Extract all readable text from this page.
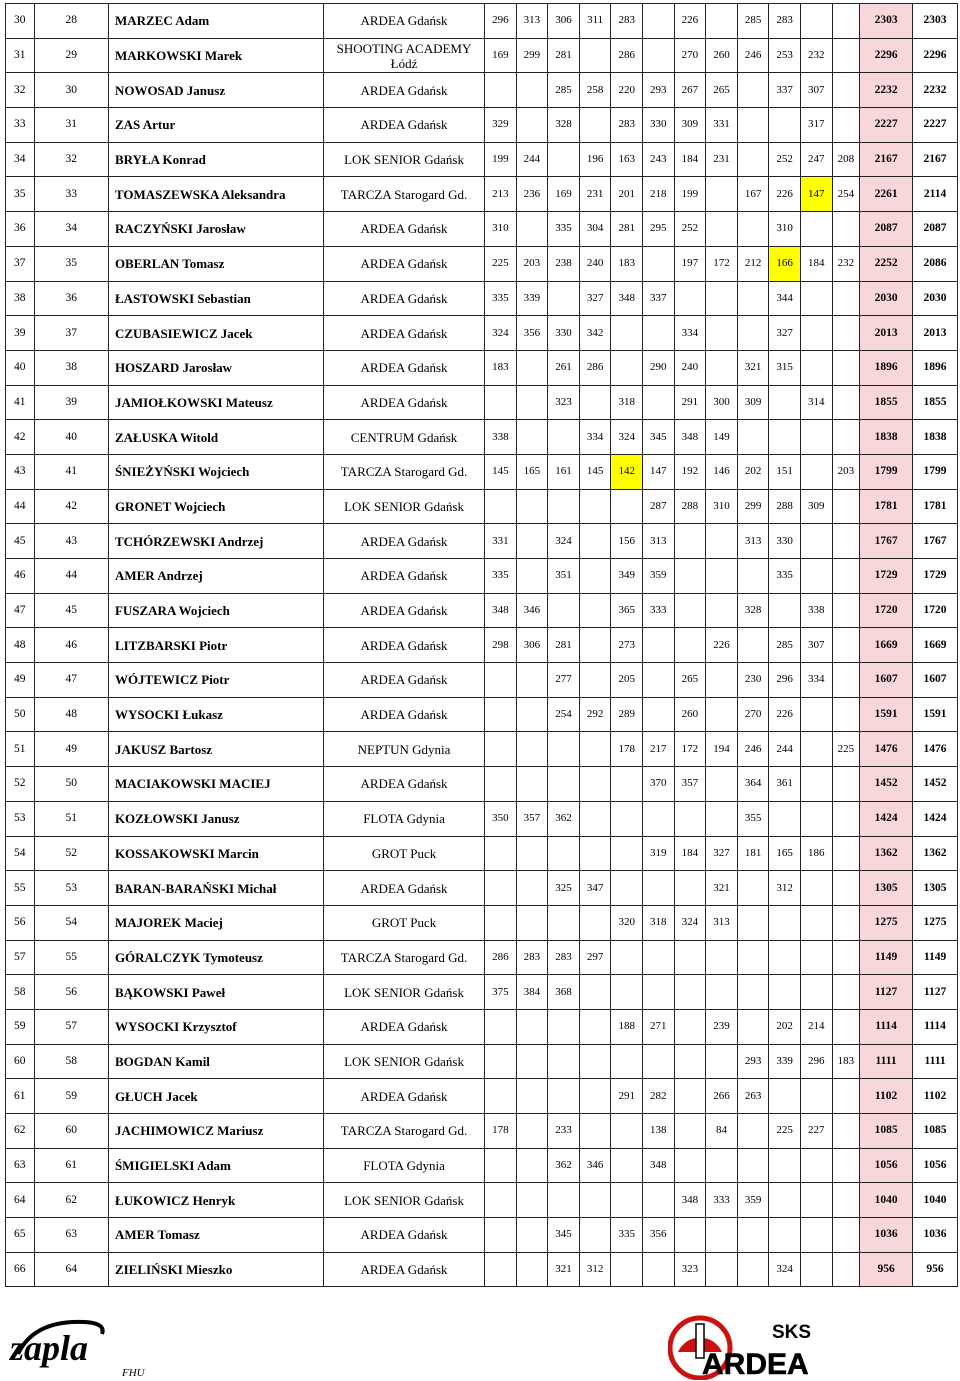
30	28	MARZEC Adam	ARDEA Gdańsk	296	313	306	311	283		226		285	283			2303	2303
31	29	MARKOWSKI Marek	SHOOTING ACADEMY Łódź	169	299	281		286		270	260	246	253	232		2296	2296
32	30	NOWOSAD Janusz	ARDEA Gdańsk			285	258	220	293	267	265		337	307		2232	2232
33	31	ZAS Artur	ARDEA Gdańsk	329		328		283	330	309	331			317		2227	2227
34	32	BRYŁA Konrad	LOK SENIOR Gdańsk	199	244		196	163	243	184	231		252	247	208	2167	2167
35	33	TOMASZEWSKA Aleksandra	TARCZA Starogard Gd.	213	236	169	231	201	218	199		167	226	147	254	2261	2114
36	34	RACZYŃSKI Jarosław	ARDEA Gdańsk	310		335	304	281	295	252			310			2087	2087
37	35	OBERLAN Tomasz	ARDEA Gdańsk	225	203	238	240	183		197	172	212	166	184	232	2252	2086
38	36	ŁASTOWSKI Sebastian	ARDEA Gdańsk	335	339		327	348	337				344			2030	2030
39	37	CZUBASIEWICZ Jacek	ARDEA Gdańsk	324	356	330	342			334			327			2013	2013
40	38	HOSZARD Jarosław	ARDEA Gdańsk	183		261	286		290	240		321	315			1896	1896
41	39	JAMIOŁKOWSKI Mateusz	ARDEA Gdańsk			323		318		291	300	309		314		1855	1855
42	40	ZAŁUSKA Witold	CENTRUM Gdańsk	338			334	324	345	348	149					1838	1838
43	41	ŚNIEŻYŃSKI Wojciech	TARCZA Starogard Gd.	145	165	161	145	142	147	192	146	202	151		203	1799	1799
44	42	GRONET Wojciech	LOK SENIOR Gdańsk						287	288	310	299	288	309		1781	1781
45	43	TCHÓRZEWSKI Andrzej	ARDEA Gdańsk	331		324		156	313			313	330			1767	1767
46	44	AMER Andrzej	ARDEA Gdańsk	335		351		349	359				335			1729	1729
47	45	FUSZARA Wojciech	ARDEA Gdańsk	348	346			365	333			328		338		1720	1720
48	46	LITZBARSKI Piotr	ARDEA Gdańsk	298	306	281		273			226		285	307		1669	1669
49	47	WÓJTEWICZ Piotr	ARDEA Gdańsk			277		205		265		230	296	334		1607	1607
50	48	WYSOCKI Łukasz	ARDEA Gdańsk			254	292	289		260		270	226			1591	1591
51	49	JAKUSZ Bartosz	NEPTUN Gdynia					178	217	172	194	246	244		225	1476	1476
52	50	MACIAKOWSKI MACIEJ	ARDEA Gdańsk						370	357		364	361			1452	1452
53	51	KOZŁOWSKI Janusz	FLOTA Gdynia	350	357	362						355				1424	1424
54	52	KOSSAKOWSKI Marcin	GROT Puck						319	184	327	181	165	186		1362	1362
55	53	BARAN-BARAŃSKI Michał	ARDEA Gdańsk			325	347				321		312			1305	1305
56	54	MAJOREK Maciej	GROT Puck					320	318	324	313					1275	1275
57	55	GÓRALCZYK Tymoteusz	TARCZA Starogard Gd.	286	283	283	297									1149	1149
58	56	BĄKOWSKI Paweł	LOK SENIOR Gdańsk	375	384	368										1127	1127
59	57	WYSOCKI Krzysztof	ARDEA Gdańsk					188	271		239		202	214		1114	1114
60	58	BOGDAN Kamil	LOK SENIOR Gdańsk									293	339	296	183	1111	1111
61	59	GŁUCH Jacek	ARDEA Gdańsk					291	282		266	263				1102	1102
62	60	JACHIMOWICZ Mariusz	TARCZA Starogard Gd.	178		233			138		84		225	227		1085	1085
63	61	ŚMIGIELSKI Adam	FLOTA Gdynia			362	346		348							1056	1056
64	62	ŁUKOWICZ Henryk	LOK SENIOR Gdańsk							348	333	359				1040	1040
65	63	AMER Tomasz	ARDEA Gdańsk			345		335	356							1036	1036
66	64	ZIELIŃSKI Mieszko	ARDEA Gdańsk			321	312			323			324			956	956
zapla
FHU
SKS
ARDEA
